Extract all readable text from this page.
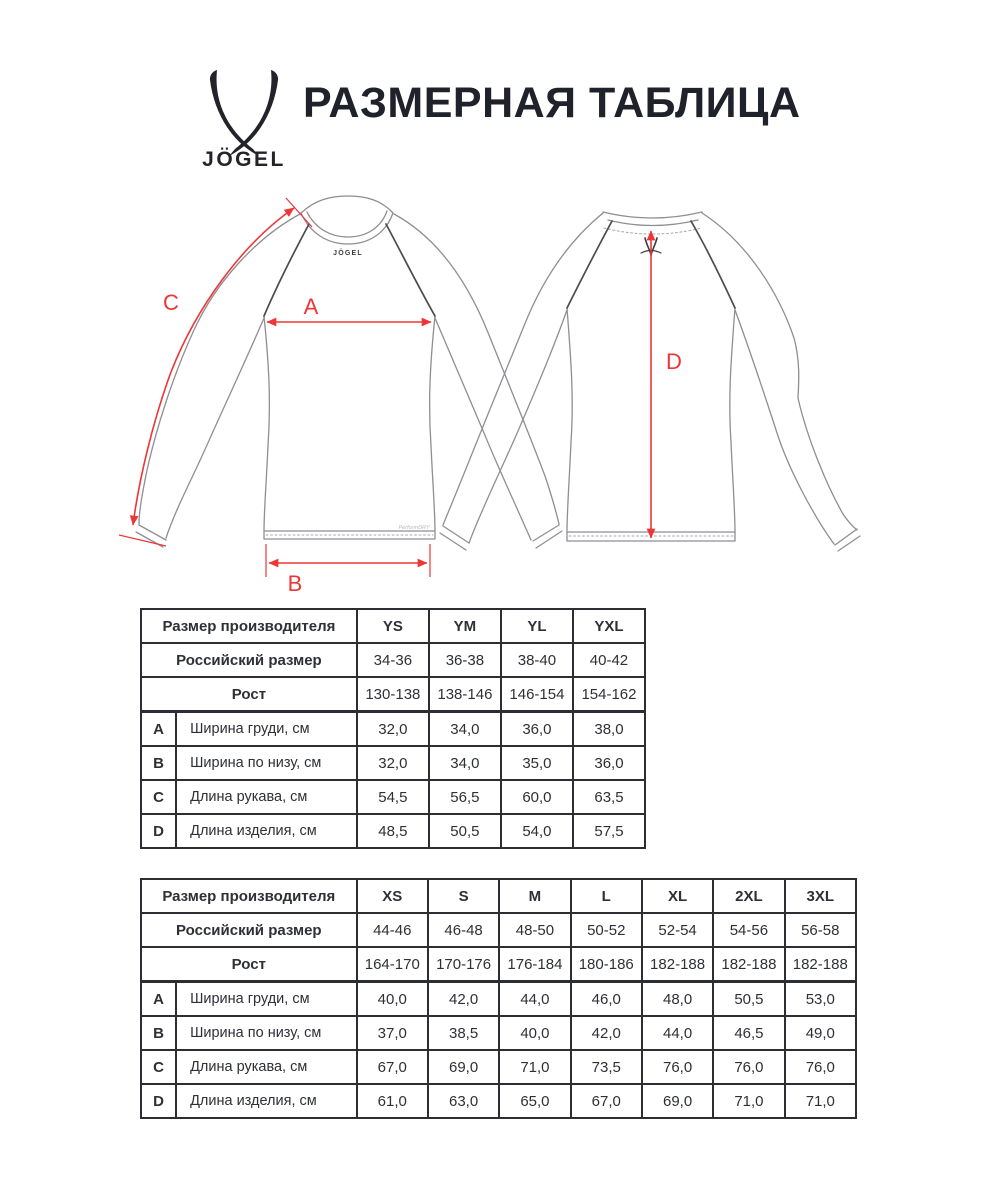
JÖGEL
РАЗМЕРНАЯ ТАБЛИЦА
JÖGEL
PerformDRY
A
B
C
D
Размер производителя		YS	YM	YL	YXL
Российский размер		34-36	36-38	38-40	40-42
Рост		130-138	138-146	146-154	154-162
A	Ширина груди, см	32,0	34,0	36,0	38,0
B	Ширина по низу, см	32,0	34,0	35,0	36,0
C	Длина рукава, см	54,5	56,5	60,0	63,5
D	Длина изделия, см	48,5	50,5	54,0	57,5
Размер производителя		XS	S	M	L	XL	2XL	3XL
Российский размер		44-46	46-48	48-50	50-52	52-54	54-56	56-58
Рост		164-170	170-176	176-184	180-186	182-188	182-188	182-188
A	Ширина груди, см	40,0	42,0	44,0	46,0	48,0	50,5	53,0
B	Ширина по низу, см	37,0	38,5	40,0	42,0	44,0	46,5	49,0
C	Длина рукава, см	67,0	69,0	71,0	73,5	76,0	76,0	76,0
D	Длина изделия, см	61,0	63,0	65,0	67,0	69,0	71,0	71,0
